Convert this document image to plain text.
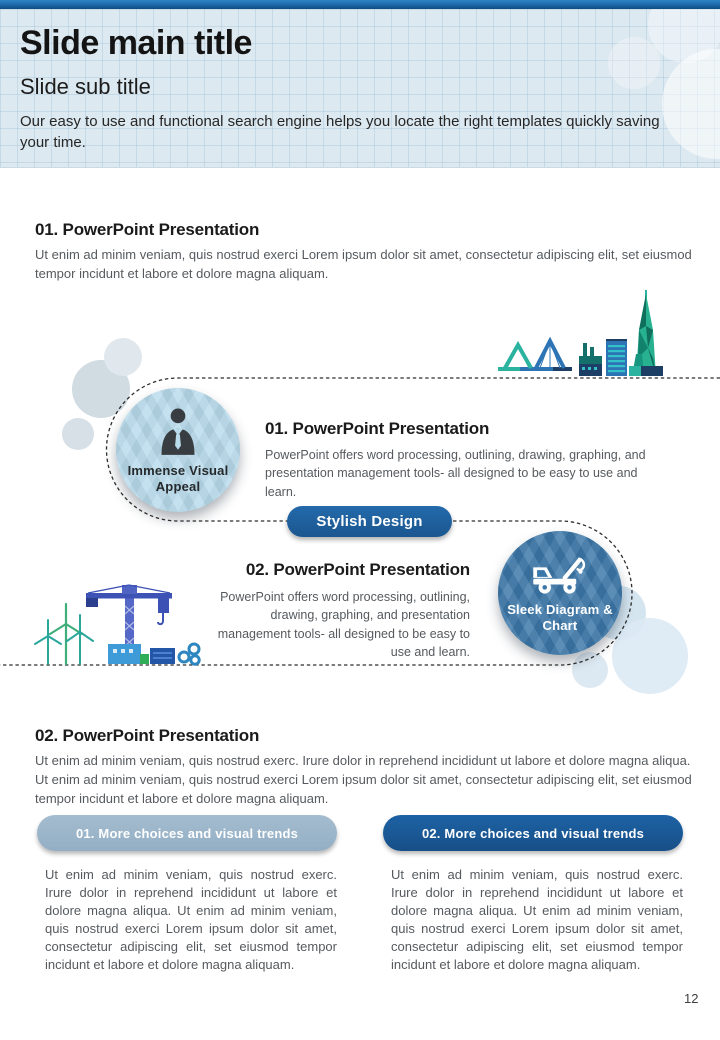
Slide main title
Slide sub title
Our easy to use and functional search engine helps you locate the right templates quickly saving your time.
01. PowerPoint Presentation
Ut enim ad minim veniam, quis nostrud exerci Lorem ipsum dolor sit amet, consectetur adipiscing elit, set eiusmod tempor incidunt et labore et dolore magna aliquam.
Immense Visual Appeal
01. PowerPoint Presentation
PowerPoint offers word processing, outlining, drawing, graphing, and presentation management tools- all designed to be easy to use and learn.
Stylish Design
02. PowerPoint Presentation
PowerPoint offers word processing, outlining, drawing, graphing, and presentation management tools- all designed to be easy to use and learn.
Sleek Diagram & Chart
02. PowerPoint Presentation
Ut enim ad minim veniam, quis nostrud exerc. Irure dolor in reprehend incididunt ut labore et dolore magna aliqua. Ut enim ad minim veniam, quis nostrud exerci Lorem ipsum dolor sit amet, consectetur adipiscing elit, set eiusmod tempor incidunt et labore et dolore magna aliquam.
01. More choices and visual trends	02. More choices and visual trends
Ut enim ad minim veniam, quis nostrud exerc. Irure dolor in reprehend incididunt ut labore et dolore magna aliqua. Ut enim ad minim veniam, quis nostrud exerci Lorem ipsum dolor sit amet, consectetur adipiscing elit, set eiusmod tempor incidunt et labore et dolore magna aliquam.
Ut enim ad minim veniam, quis nostrud exerc. Irure dolor in reprehend incididunt ut labore et dolore magna aliqua. Ut enim ad minim veniam, quis nostrud exerci Lorem ipsum dolor sit amet, consectetur adipiscing elit, set eiusmod tempor incidunt et labore et dolore magna aliquam.
12
